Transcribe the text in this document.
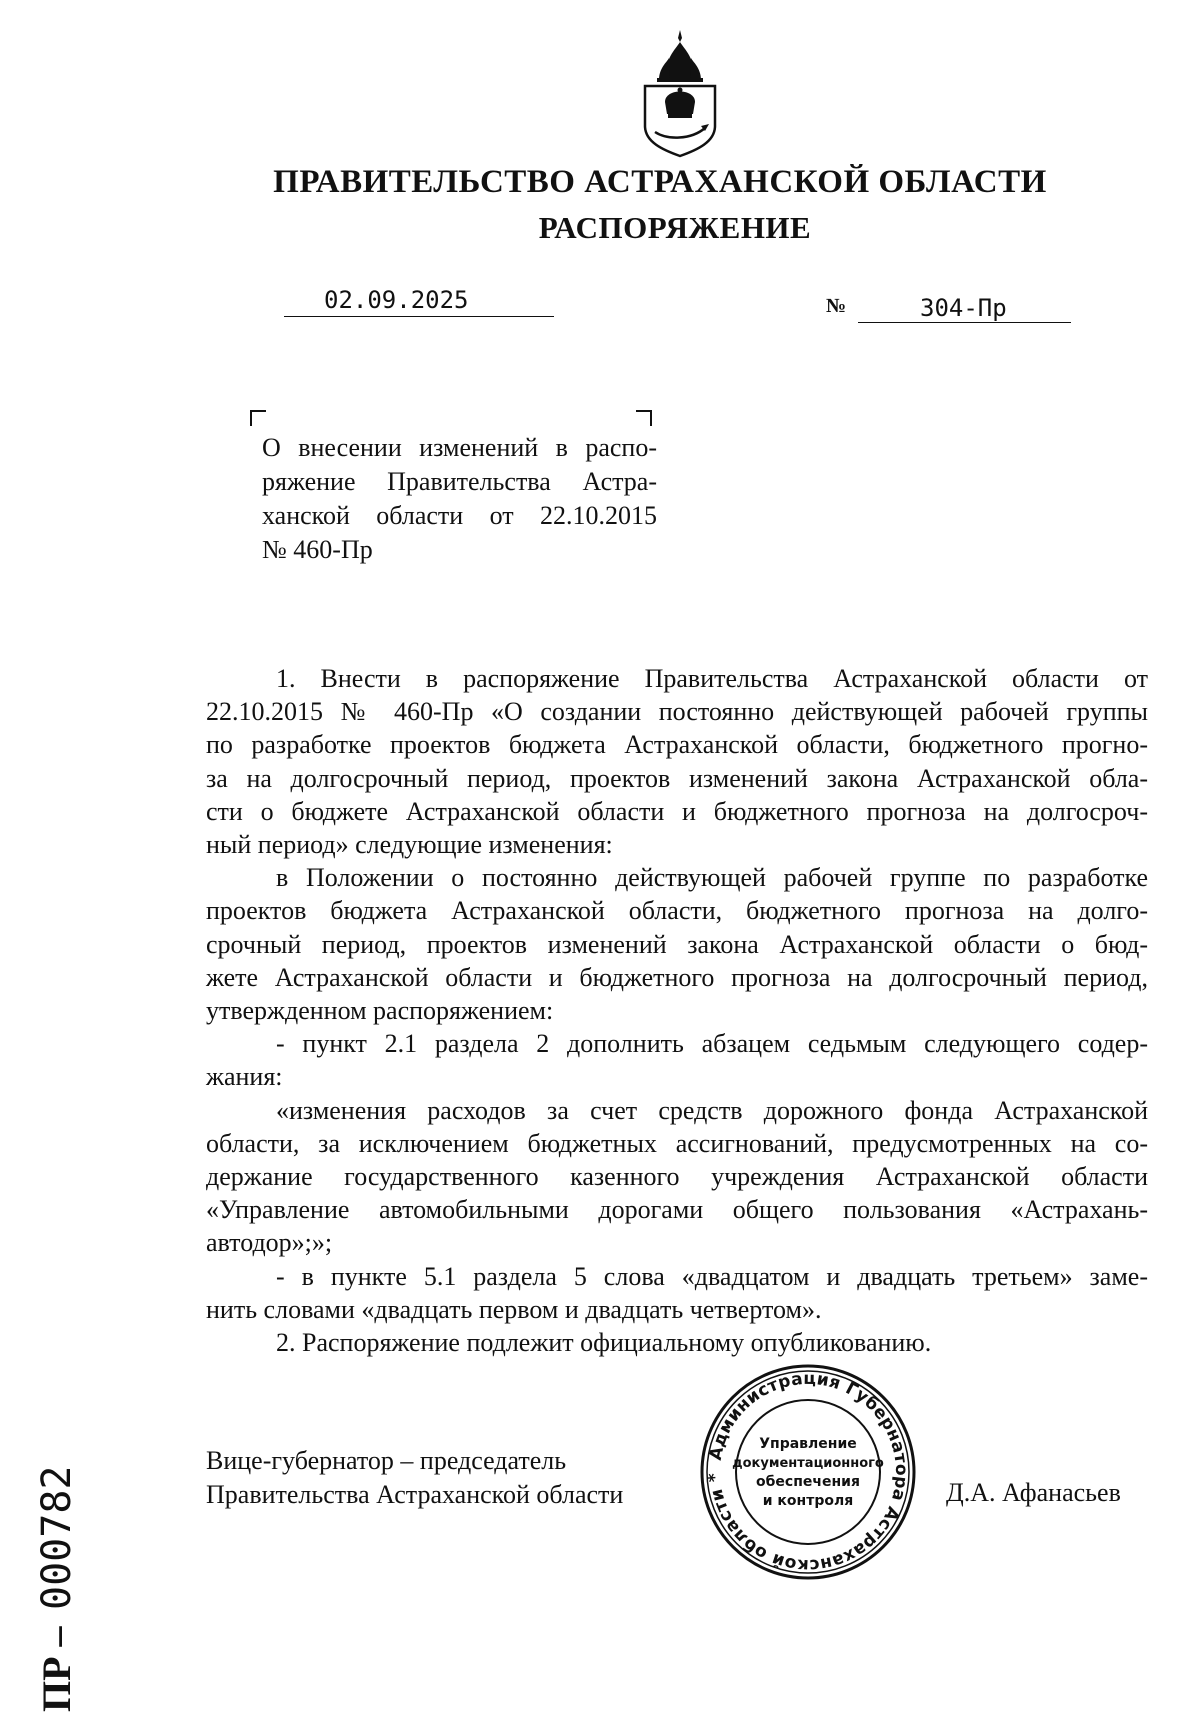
ПРАВИТЕЛЬСТВО АСТРАХАНСКОЙ ОБЛАСТИ
РАСПОРЯЖЕНИЕ
02.09.2025	№	304-Пр
О внесении изменений в распо-
ряжение Правительства Астра-
ханской области от 22.10.2015
№ 460-Пр
1. Внести в распоряжение Правительства Астраханской области от
22.10.2015 № 460-Пр «О создании постоянно действующей рабочей группы
по разработке проектов бюджета Астраханской области, бюджетного прогно-
за на долгосрочный период, проектов изменений закона Астраханской обла-
сти о бюджете Астраханской области и бюджетного прогноза на долгосроч-
ный период» следующие изменения:
в Положении о постоянно действующей рабочей группе по разработке
проектов бюджета Астраханской области, бюджетного прогноза на долго-
срочный период, проектов изменений закона Астраханской области о бюд-
жете Астраханской области и бюджетного прогноза на долгосрочный период,
утвержденном распоряжением:
- пункт 2.1 раздела 2 дополнить абзацем седьмым следующего содер-
жания:
«изменения расходов за счет средств дорожного фонда Астраханской
области, за исключением бюджетных ассигнований, предусмотренных на со-
держание государственного казенного учреждения Астраханской области
«Управление автомобильными дорогами общего пользования «Астрахань-
автодор»;»;
- в пункте 5.1 раздела 5 слова «двадцатом и двадцать третьем» заме-
нить словами «двадцать первом и двадцать четвертом».
2. Распоряжение подлежит официальному опубликованию.
Вице-губернатор – председатель
Правительства Астраханской области	Д.А. Афанасьев
Администрация Губернатора Астраханской области *
Управление
документационного
обеспечения
и контроля
ПР –
000782
